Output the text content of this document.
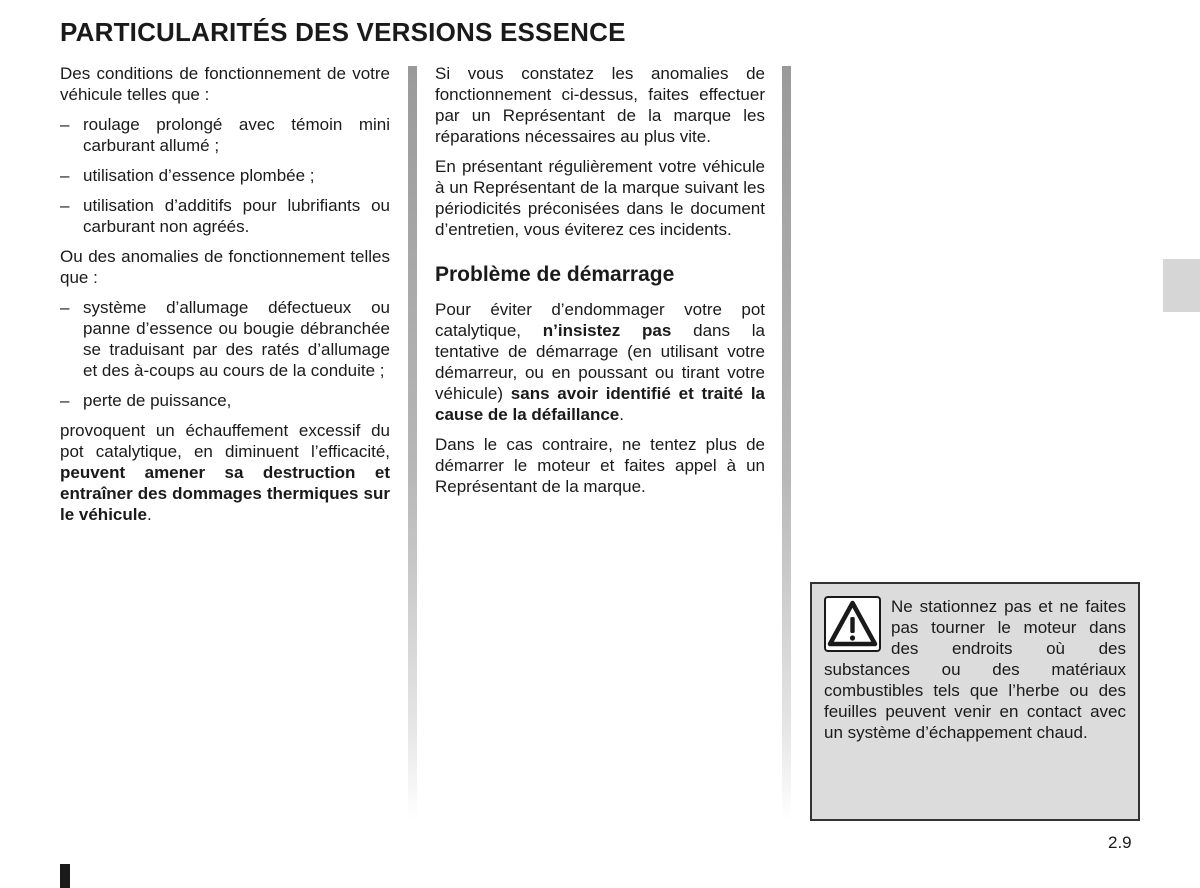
PARTICULARITÉS DES VERSIONS ESSENCE

Des conditions de fonctionnement de votre véhicule telles que :

– roulage prolongé avec témoin mini carburant allumé ;

– utilisation d’essence plombée ;

– utilisation d’additifs pour lubrifiants ou carburant non agréés.

Ou des anomalies de fonctionnement telles que :

– système d’allumage défectueux ou panne d’essence ou bougie débranchée se traduisant par des ratés d’allumage et des à-coups au cours de la conduite ;

– perte de puissance,

provoquent un échauffement excessif du pot catalytique, en diminuent l’efficacité, peuvent amener sa destruction et entraîner des dommages thermiques sur le véhicule.

Si vous constatez les anomalies de fonctionnement ci-dessus, faites effectuer par un Représentant de la marque les réparations nécessaires au plus vite.

En présentant régulièrement votre véhicule à un Représentant de la marque suivant les périodicités préconisées dans le document d’entretien, vous éviterez ces incidents.

Problème de démarrage

Pour éviter d’endommager votre pot catalytique, n’insistez pas dans la tentative de démarrage (en utilisant votre démarreur, ou en poussant ou tirant votre véhicule) sans avoir identifié et traité la cause de la défaillance.

Dans le cas contraire, ne tentez plus de démarrer le moteur et faites appel à un Représentant de la marque.

Ne stationnez pas et ne faites pas tourner le moteur dans des endroits où des substances ou des matériaux combustibles tels que l’herbe ou des feuilles peuvent venir en contact avec un système d’échappement chaud.

2.9
